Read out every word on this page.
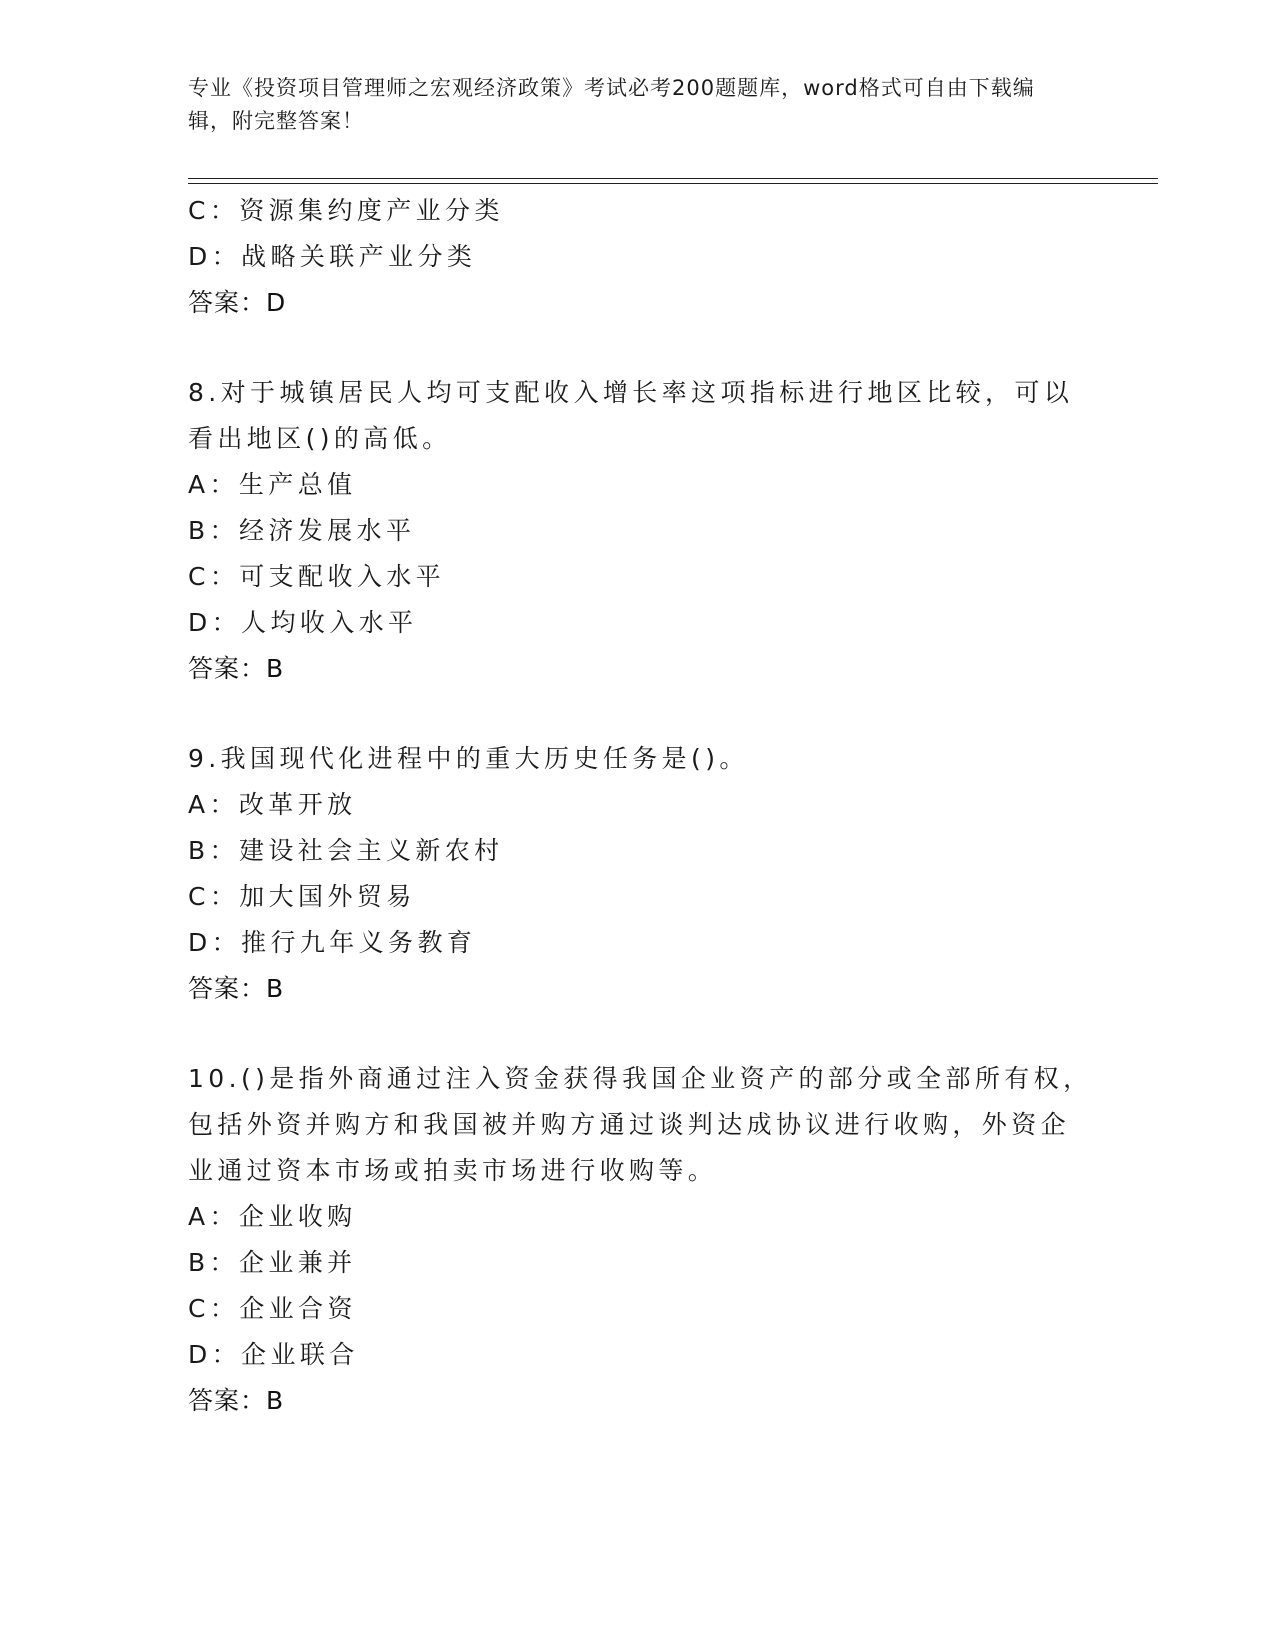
专业《投资项目管理师之宏观经济政策》考试必考200题题库，word格式可自由下载编辑，附完整答案！
C：资源集约度产业分类
D：战略关联产业分类
答案：D
8.对于城镇居民人均可支配收入增长率这项指标进行地区比较，可以
看出地区()的高低。
A：生产总值
B：经济发展水平
C：可支配收入水平
D：人均收入水平
答案：B
9.我国现代化进程中的重大历史任务是()。
A：改革开放
B：建设社会主义新农村
C：加大国外贸易
D：推行九年义务教育
答案：B
10.()是指外商通过注入资金获得我国企业资产的部分或全部所有权，
包括外资并购方和我国被并购方通过谈判达成协议进行收购，外资企
业通过资本市场或拍卖市场进行收购等。
A：企业收购
B：企业兼并
C：企业合资
D：企业联合
答案：B
